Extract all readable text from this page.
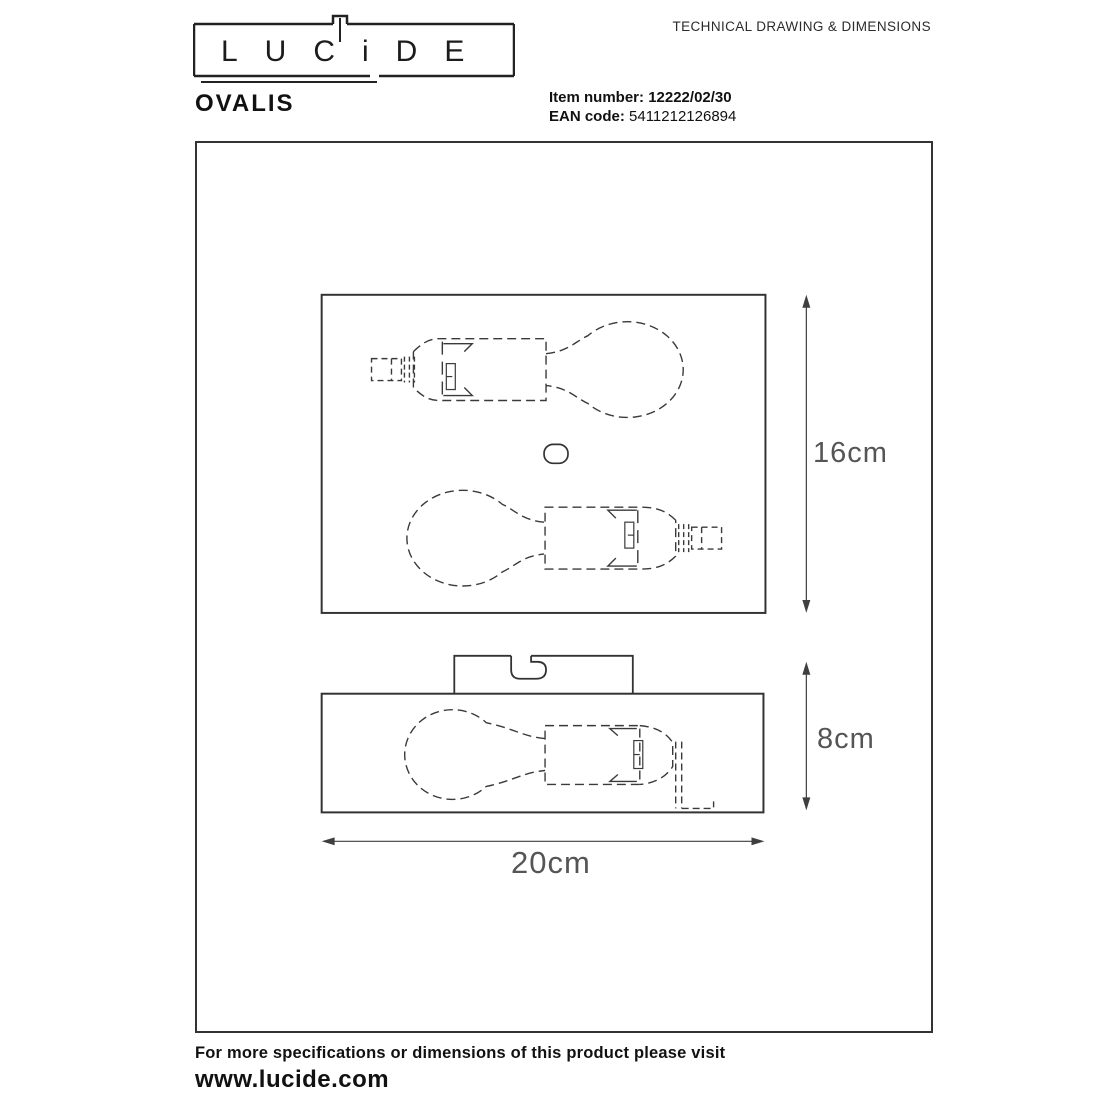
LUCiDE
TECHNICAL DRAWING & DIMENSIONS
OVALIS	Item number: 12222/02/30
EAN code: 5411212126894
16cm
8cm
20cm
For more specifications or dimensions of this product please visit
www.lucide.com
